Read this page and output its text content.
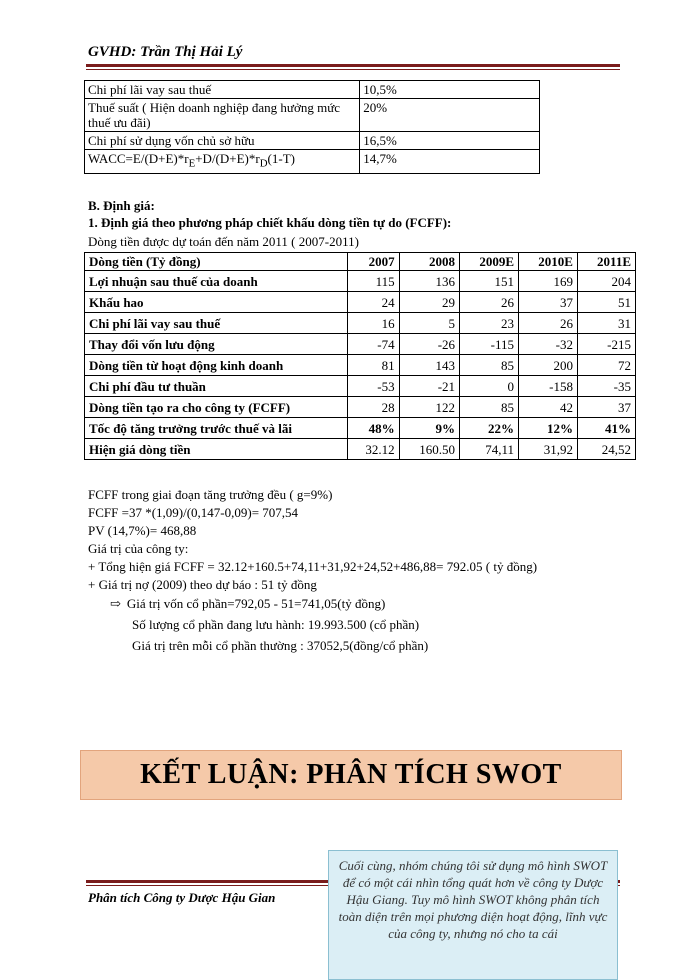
GVHD: Trần Thị Hải Lý
Chi phí lãi vay sau thuế	10,5%
Thuế suất ( Hiện doanh nghiệp đang hưởng mức thuế ưu đãi)	20%
Chi phí sử dụng vốn chủ sở hữu	16,5%
$WACC=E/(D+E)*r_E+D/(D+E)*r_D(1-T)$	14,7%
B. Định giá:
1. Định giá theo phương pháp chiết khấu dòng tiền tự do (FCFF):
Dòng tiền được dự toán đến năm 2011 ( 2007-2011)
Dòng tiền (Tỷ đồng)	2007	2008	2009E	2010E	2011E
Lợi nhuận sau thuế của doanh	115	136	151	169	204
Khấu hao	24	29	26	37	51
Chi phí lãi vay sau thuế	16	5	23	26	31
Thay đổi vốn lưu động	-74	-26	-115	-32	-215
Dòng tiền từ hoạt động kinh doanh	81	143	85	200	72
Chi phí đầu tư thuần	-53	-21	0	-158	-35
Dòng tiền tạo ra cho công ty (FCFF)	28	122	85	42	37
Tốc độ tăng trưởng trước thuế và lãi	48%	9%	22%	12%	41%
Hiện giá dòng tiền	32.12	160.50	74,11	31,92	24,52
FCFF trong giai đoạn tăng trưởng đều ( g=9%)
FCFF =37 *(1,09)/(0,147-0,09)= 707,54
PV (14,7%)= 468,88
Giá trị của công ty:
+ Tổng hiện giá FCFF = 32.12+160.5+74,11+31,92+24,52+486,88= 792.05 ( tỷ đồng)
+ Giá trị nợ (2009) theo dự báo : 51 tỷ đồng
⇨ Giá trị vốn cổ phần=792,05 - 51=741,05(tỷ đồng)
Số lượng cổ phần đang lưu hành: 19.993.500 (cổ phần)
Giá trị trên mỗi cổ phần thường : 37052,5(đồng/cổ phần)
KẾT LUẬN: PHÂN TÍCH SWOT
Phân tích Công ty Dược Hậu Gian
Cuối cùng, nhóm chúng tôi sử dụng mô hình SWOT để có một cái nhìn tổng quát hơn về công ty Dược Hậu Giang. Tuy mô hình SWOT không phân tích toàn diện trên mọi phương diện hoạt động, lĩnh vực của công ty, nhưng nó cho ta cái
